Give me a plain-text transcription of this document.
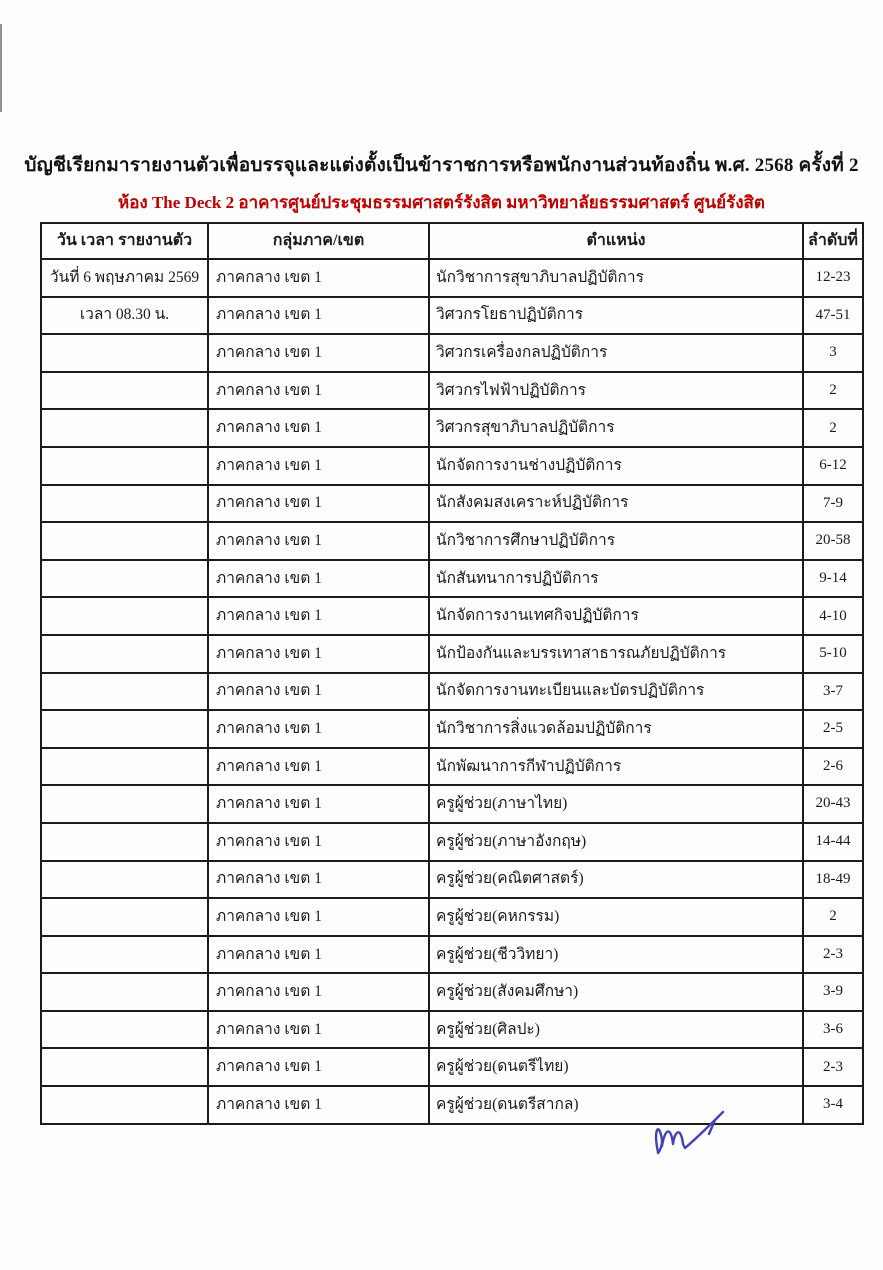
บัญชีเรียกมารายงานตัวเพื่อบรรจุและแต่งตั้งเป็นข้าราชการหรือพนักงานส่วนท้องถิ่น พ.ศ. 2568 ครั้งที่ 2
ห้อง The Deck 2 อาคารศูนย์ประชุมธรรมศาสตร์รังสิต มหาวิทยาลัยธรรมศาสตร์ ศูนย์รังสิต
วัน เวลา รายงานตัว	กลุ่มภาค/เขต	ตำแหน่ง	ลำดับที่
วันที่ 6 พฤษภาคม 2569	ภาคกลาง เขต 1	นักวิชาการสุขาภิบาลปฏิบัติการ	12-23
เวลา 08.30 น.	ภาคกลาง เขต 1	วิศวกรโยธาปฏิบัติการ	47-51
	ภาคกลาง เขต 1	วิศวกรเครื่องกลปฏิบัติการ	3
	ภาคกลาง เขต 1	วิศวกรไฟฟ้าปฏิบัติการ	2
	ภาคกลาง เขต 1	วิศวกรสุขาภิบาลปฏิบัติการ	2
	ภาคกลาง เขต 1	นักจัดการงานช่างปฏิบัติการ	6-12
	ภาคกลาง เขต 1	นักสังคมสงเคราะห์ปฏิบัติการ	7-9
	ภาคกลาง เขต 1	นักวิชาการศึกษาปฏิบัติการ	20-58
	ภาคกลาง เขต 1	นักสันทนาการปฏิบัติการ	9-14
	ภาคกลาง เขต 1	นักจัดการงานเทศกิจปฏิบัติการ	4-10
	ภาคกลาง เขต 1	นักป้องกันและบรรเทาสาธารณภัยปฏิบัติการ	5-10
	ภาคกลาง เขต 1	นักจัดการงานทะเบียนและบัตรปฏิบัติการ	3-7
	ภาคกลาง เขต 1	นักวิชาการสิ่งแวดล้อมปฏิบัติการ	2-5
	ภาคกลาง เขต 1	นักพัฒนาการกีฬาปฏิบัติการ	2-6
	ภาคกลาง เขต 1	ครูผู้ช่วย(ภาษาไทย)	20-43
	ภาคกลาง เขต 1	ครูผู้ช่วย(ภาษาอังกฤษ)	14-44
	ภาคกลาง เขต 1	ครูผู้ช่วย(คณิตศาสตร์)	18-49
	ภาคกลาง เขต 1	ครูผู้ช่วย(คหกรรม)	2
	ภาคกลาง เขต 1	ครูผู้ช่วย(ชีววิทยา)	2-3
	ภาคกลาง เขต 1	ครูผู้ช่วย(สังคมศึกษา)	3-9
	ภาคกลาง เขต 1	ครูผู้ช่วย(ศิลปะ)	3-6
	ภาคกลาง เขต 1	ครูผู้ช่วย(ดนตรีไทย)	2-3
	ภาคกลาง เขต 1	ครูผู้ช่วย(ดนตรีสากล)	3-4
